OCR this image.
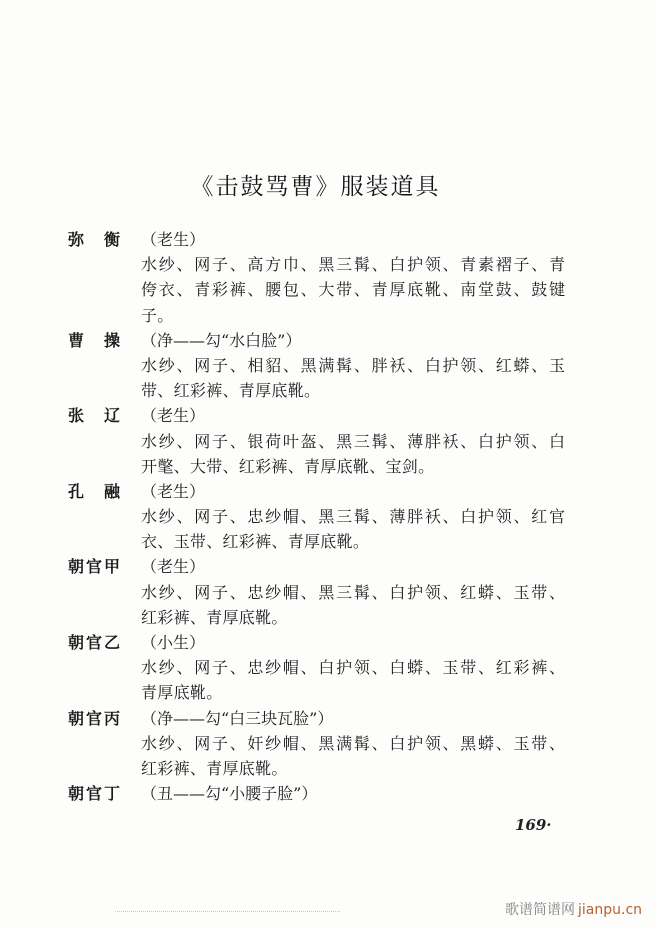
《击鼓骂曹》服装道具
弥衡 （老生）
水纱、网子、高方巾、黑三髯、白护领、青素褶子、青
侉衣、青彩裤、腰包、大带、青厚底靴、南堂鼓、鼓键
子。
曹操 （净——勾“水白脸”）
水纱、网子、相貂、黑满髯、胖袄、白护领、红蟒、玉
带、红彩裤、青厚底靴。
张辽 （老生）
水纱、网子、银荷叶盔、黑三髯、薄胖袄、白护领、白
开氅、大带、红彩裤、青厚底靴、宝剑。
孔融 （老生）
水纱、网子、忠纱帽、黑三髯、薄胖袄、白护领、红官
衣、玉带、红彩裤、青厚底靴。
朝官甲 （老生）
水纱、网子、忠纱帽、黑三髯、白护领、红蟒、玉带、
红彩裤、青厚底靴。
朝官乙 （小生）
水纱、网子、忠纱帽、白护领、白蟒、玉带、红彩裤、
青厚底靴。
朝官丙 （净——勾“白三块瓦脸”）
水纱、网子、奸纱帽、黑满髯、白护领、黑蟒、玉带、
红彩裤、青厚底靴。
朝官丁 （丑——勾“小腰子脸”）
169·
歌谱简谱网 jianpu.cn
